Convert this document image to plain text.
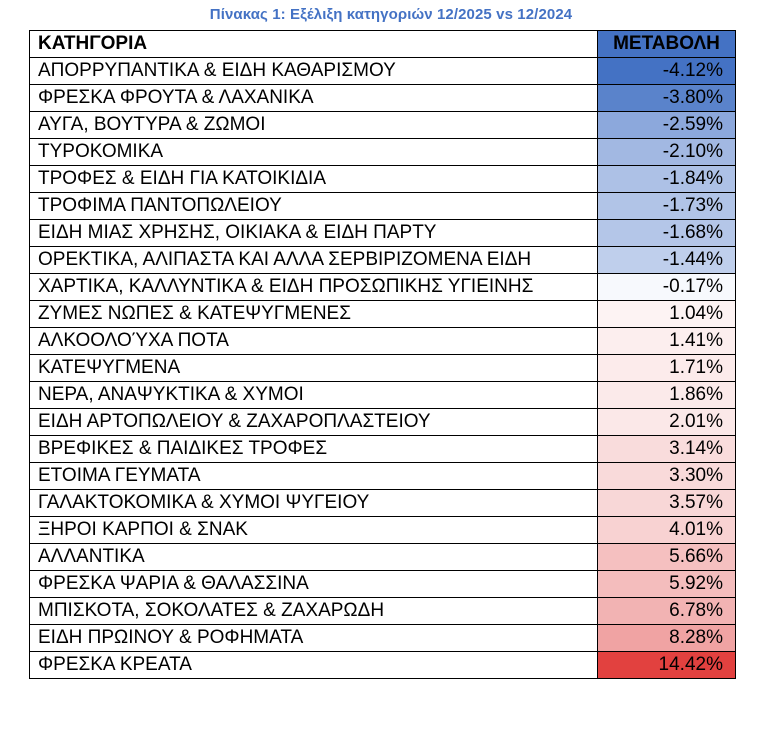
Πίνακας 1: Εξέλιξη κατηγοριών 12/2025 vs 12/2024
ΚΑΤΗΓΟΡΙΑ	ΜΕΤΑΒΟΛΗ
ΑΠΟΡΡΥΠΑΝΤΙΚΑ & ΕΙΔΗ ΚΑΘΑΡΙΣΜΟΥ	-4.12%
ΦΡΕΣΚΑ ΦΡΟΥΤΑ & ΛΑΧΑΝΙΚΑ	-3.80%
ΑΥΓΑ, ΒΟΥΤΥΡΑ & ΖΩΜΟΙ	-2.59%
ΤΥΡΟΚΟΜΙΚΑ	-2.10%
ΤΡΟΦΕΣ & ΕΙΔΗ ΓΙΑ ΚΑΤΟΙΚΙΔΙΑ	-1.84%
ΤΡΟΦΙΜΑ ΠΑΝΤΟΠΩΛΕΙΟΥ	-1.73%
ΕΙΔΗ ΜΙΑΣ ΧΡΗΣΗΣ, ΟΙΚΙΑΚΑ & ΕΙΔΗ ΠΑΡΤΥ	-1.68%
ΟΡΕΚΤΙΚΑ, ΑΛΙΠΑΣΤΑ ΚΑΙ ΑΛΛΑ ΣΕΡΒΙΡΙΖΟΜΕΝΑ ΕΙΔΗ	-1.44%
ΧΑΡΤΙΚΑ, ΚΑΛΛΥΝΤΙΚΑ & ΕΙΔΗ ΠΡΟΣΩΠΙΚΗΣ ΥΓΙΕΙΝΗΣ	-0.17%
ΖΥΜΕΣ ΝΩΠΕΣ & ΚΑΤΕΨΥΓΜΕΝΕΣ	1.04%
ΑΛΚΟΟΛΟΎΧΑ ΠΟΤΑ	1.41%
ΚΑΤΕΨΥΓΜΕΝΑ	1.71%
ΝΕΡΑ, ΑΝΑΨΥΚΤΙΚΑ & ΧΥΜΟΙ	1.86%
ΕΙΔΗ ΑΡΤΟΠΩΛΕΙΟΥ & ΖΑΧΑΡΟΠΛΑΣΤΕΙΟΥ	2.01%
ΒΡΕΦΙΚΕΣ & ΠΑΙΔΙΚΕΣ ΤΡΟΦΕΣ	3.14%
ΕΤΟΙΜΑ ΓΕΥΜΑΤΑ	3.30%
ΓΑΛΑΚΤΟΚΟΜΙΚΑ & ΧΥΜΟΙ ΨΥΓΕΙΟΥ	3.57%
ΞΗΡΟΙ ΚΑΡΠΟΙ & ΣΝΑΚ	4.01%
ΑΛΛΑΝΤΙΚΑ	5.66%
ΦΡΕΣΚΑ ΨΑΡΙΑ & ΘΑΛΑΣΣΙΝΑ	5.92%
ΜΠΙΣΚΟΤΑ, ΣΟΚΟΛΑΤΕΣ & ΖΑΧΑΡΩΔΗ	6.78%
ΕΙΔΗ ΠΡΩΙΝΟΥ & ΡΟΦΗΜΑΤΑ	8.28%
ΦΡΕΣΚΑ ΚΡΕΑΤΑ	14.42%
